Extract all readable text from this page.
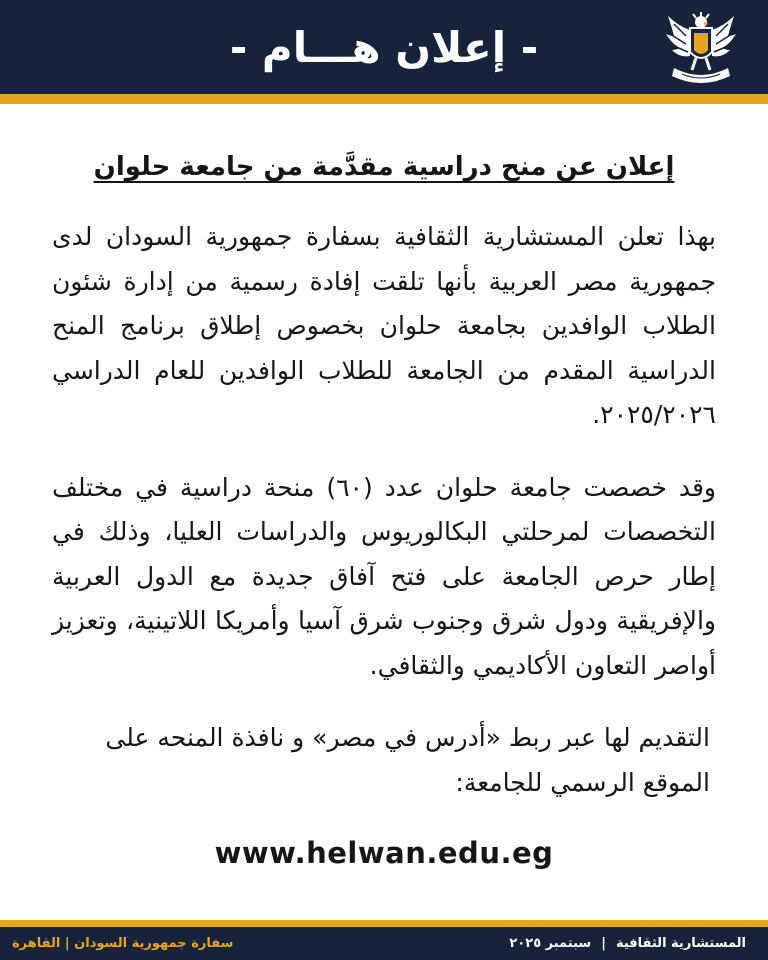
- إعلان هـــام -
إعلان عن منح دراسية مقدَّمة من جامعة حلوان

بهذا تعلن المستشارية الثقافية بسفارة جمهورية السودان لدى جمهورية مصر العربية بأنها تلقت إفادة رسمية من إدارة شئون الطلاب الوافدين بجامعة حلوان بخصوص إطلاق برنامج المنح الدراسية المقدم من الجامعة للطلاب الوافدين للعام الدراسي ٢٠٢٥/٢٠٢٦.

وقد خصصت جامعة حلوان عدد (٦٠) منحة دراسية في مختلف التخصصات لمرحلتي البكالوريوس والدراسات العليا، وذلك في إطار حرص الجامعة على فتح آفاق جديدة مع الدول العربية والإفريقية ودول شرق وجنوب شرق آسيا وأمريكا اللاتينية، وتعزيز أواصر التعاون الأكاديمي والثقافي.

التقديم لها عبر ربط «أدرس في مصر» و نافذة المنحه على الموقع الرسمي للجامعة:

www.helwan.edu.eg
سفارة جمهورية السودان | القاهرة	المستشارية الثقافية
|
سبتمبر ٢٠٢٥
